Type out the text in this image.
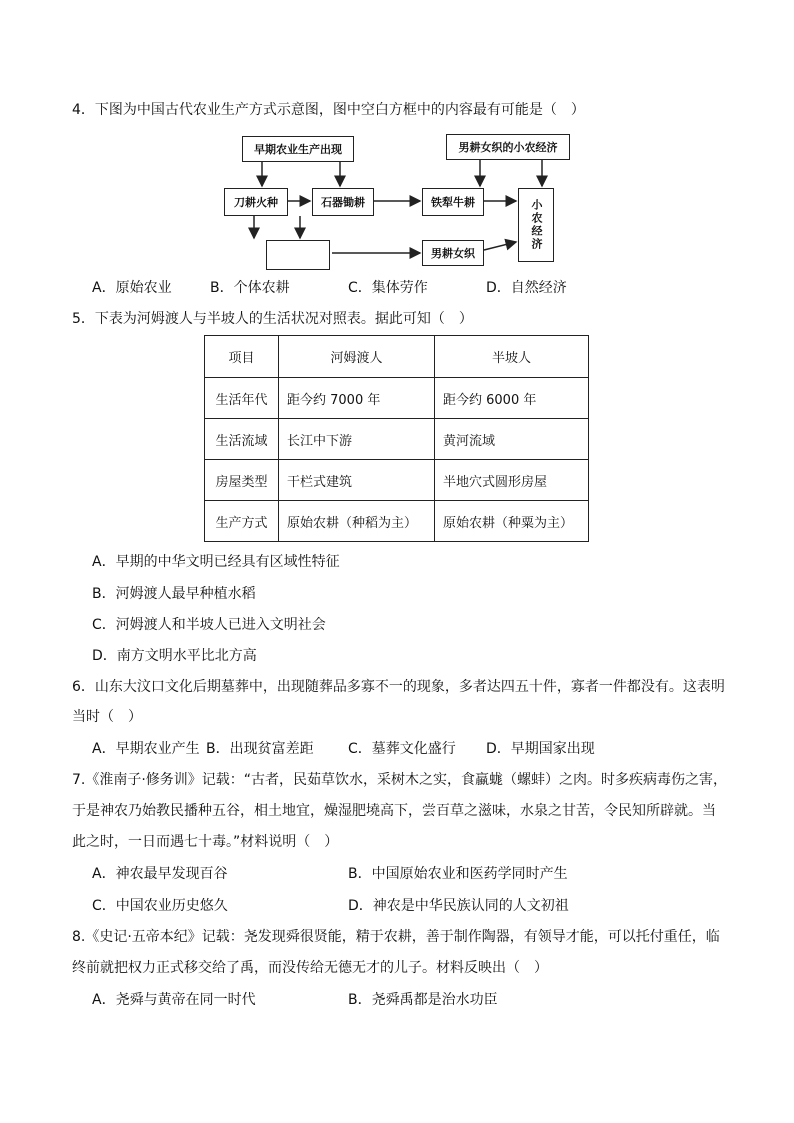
4．下图为中国古代农业生产方式示意图，图中空白方框中的内容最有可能是（　）
早期农业生产出现	男耕女织的小农经济
刀耕火种	石器锄耕	铁犁牛耕
男耕女织
小农经济
A．原始农业	B．个体农耕	C．集体劳作	D．自然经济
5．下表为河姆渡人与半坡人的生活状况对照表。据此可知（　）
项目	河姆渡人	半坡人
生活年代	距今约 7000 年	距今约 6000 年
生活流域	长江中下游	黄河流域
房屋类型	干栏式建筑	半地穴式圆形房屋
生产方式	原始农耕（种稻为主）	原始农耕（种粟为主）
A．早期的中华文明已经具有区域性特征
B．河姆渡人最早种植水稻
C．河姆渡人和半坡人已进入文明社会
D．南方文明水平比北方高
6．山东大汶口文化后期墓葬中，出现随葬品多寡不一的现象，多者达四五十件，寡者一件都没有。这表明
当时（　）
A．早期农业产生 B．出现贫富差距 C．墓葬文化盛行 D．早期国家出现
7.《淮南子·修务训》记载：“古者，民茹草饮水，采树木之实，食蠃蛖（螺蚌）之肉。时多疾病毒伤之害，
于是神农乃始教民播种五谷，相土地宜，燥湿肥墝高下，尝百草之滋味，水泉之甘苦，令民知所辟就。当
此之时，一日而遇七十毒。”材料说明（　）
A．神农最早发现百谷	B．中国原始农业和医药学同时产生
C．中国农业历史悠久	D．神农是中华民族认同的人文初祖
8.《史记·五帝本纪》记载：尧发现舜很贤能，精于农耕，善于制作陶器，有领导才能，可以托付重任，临
终前就把权力正式移交给了禹，而没传给无德无才的儿子。材料反映出（　）
A．尧舜与黄帝在同一时代	B．尧舜禹都是治水功臣
